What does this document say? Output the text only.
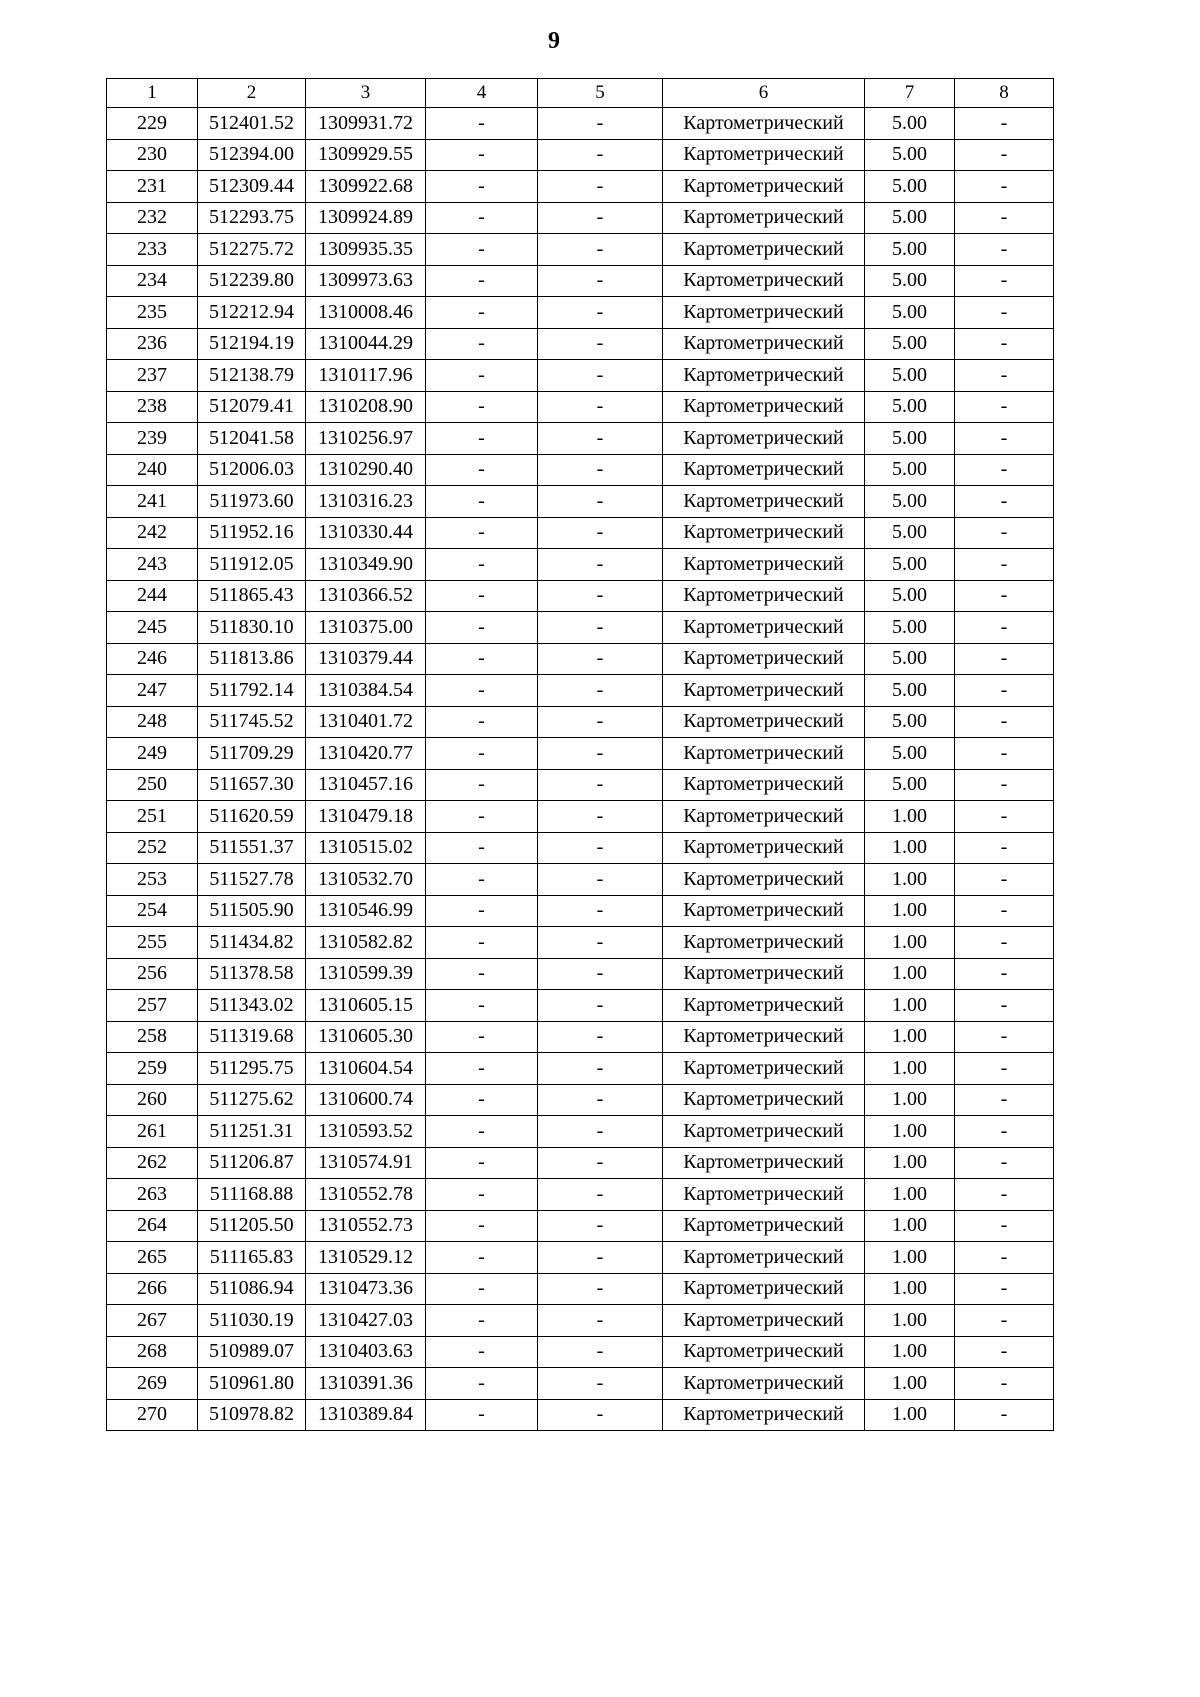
9
1	2	3	4	5	6	7	8
229	512401.52	1309931.72	-	-	Картометрический	5.00	-
230	512394.00	1309929.55	-	-	Картометрический	5.00	-
231	512309.44	1309922.68	-	-	Картометрический	5.00	-
232	512293.75	1309924.89	-	-	Картометрический	5.00	-
233	512275.72	1309935.35	-	-	Картометрический	5.00	-
234	512239.80	1309973.63	-	-	Картометрический	5.00	-
235	512212.94	1310008.46	-	-	Картометрический	5.00	-
236	512194.19	1310044.29	-	-	Картометрический	5.00	-
237	512138.79	1310117.96	-	-	Картометрический	5.00	-
238	512079.41	1310208.90	-	-	Картометрический	5.00	-
239	512041.58	1310256.97	-	-	Картометрический	5.00	-
240	512006.03	1310290.40	-	-	Картометрический	5.00	-
241	511973.60	1310316.23	-	-	Картометрический	5.00	-
242	511952.16	1310330.44	-	-	Картометрический	5.00	-
243	511912.05	1310349.90	-	-	Картометрический	5.00	-
244	511865.43	1310366.52	-	-	Картометрический	5.00	-
245	511830.10	1310375.00	-	-	Картометрический	5.00	-
246	511813.86	1310379.44	-	-	Картометрический	5.00	-
247	511792.14	1310384.54	-	-	Картометрический	5.00	-
248	511745.52	1310401.72	-	-	Картометрический	5.00	-
249	511709.29	1310420.77	-	-	Картометрический	5.00	-
250	511657.30	1310457.16	-	-	Картометрический	5.00	-
251	511620.59	1310479.18	-	-	Картометрический	1.00	-
252	511551.37	1310515.02	-	-	Картометрический	1.00	-
253	511527.78	1310532.70	-	-	Картометрический	1.00	-
254	511505.90	1310546.99	-	-	Картометрический	1.00	-
255	511434.82	1310582.82	-	-	Картометрический	1.00	-
256	511378.58	1310599.39	-	-	Картометрический	1.00	-
257	511343.02	1310605.15	-	-	Картометрический	1.00	-
258	511319.68	1310605.30	-	-	Картометрический	1.00	-
259	511295.75	1310604.54	-	-	Картометрический	1.00	-
260	511275.62	1310600.74	-	-	Картометрический	1.00	-
261	511251.31	1310593.52	-	-	Картометрический	1.00	-
262	511206.87	1310574.91	-	-	Картометрический	1.00	-
263	511168.88	1310552.78	-	-	Картометрический	1.00	-
264	511205.50	1310552.73	-	-	Картометрический	1.00	-
265	511165.83	1310529.12	-	-	Картометрический	1.00	-
266	511086.94	1310473.36	-	-	Картометрический	1.00	-
267	511030.19	1310427.03	-	-	Картометрический	1.00	-
268	510989.07	1310403.63	-	-	Картометрический	1.00	-
269	510961.80	1310391.36	-	-	Картометрический	1.00	-
270	510978.82	1310389.84	-	-	Картометрический	1.00	-
